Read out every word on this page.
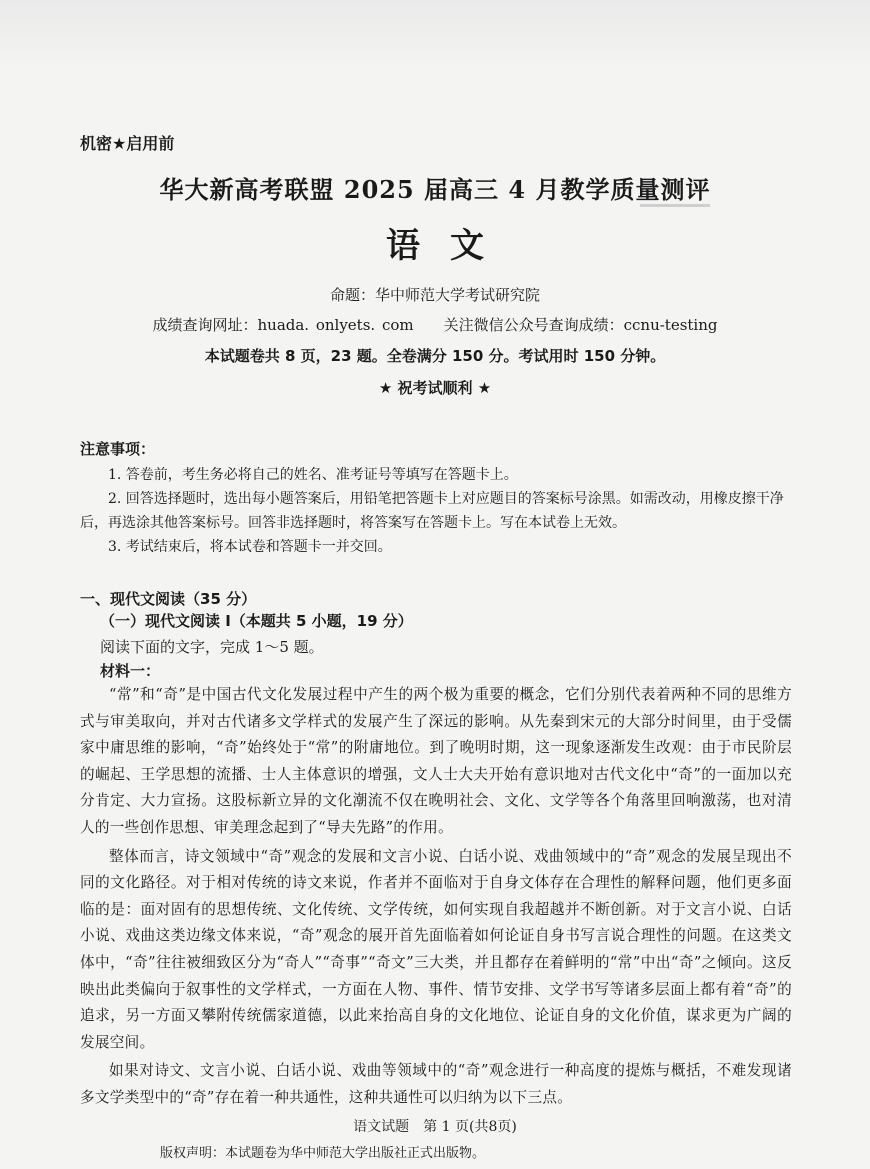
机密★启用前
华大新高考联盟 2025 届高三 4 月教学质量测评
语文
命题：华中师范大学考试研究院
成绩查询网址：huada. onlyets. com 关注微信公众号查询成绩：ccnu-testing
本试题卷共 8 页，23 题。全卷满分 150 分。考试用时 150 分钟。
★ 祝考试顺利 ★
注意事项：

1. 答卷前，考生务必将自己的姓名、准考证号等填写在答题卡上。

2. 回答选择题时，选出每小题答案后，用铅笔把答题卡上对应题目的答案标号涂黑。如需改动，用橡皮擦干净后，再选涂其他答案标号。回答非选择题时，将答案写在答题卡上。写在本试卷上无效。

3. 考试结束后，将本试卷和答题卡一并交回。

一、现代文阅读（35 分）
（一）现代文阅读 I（本题共 5 小题，19 分）
阅读下面的文字，完成 1～5 题。
材料一：

“常”和“奇”是中国古代文化发展过程中产生的两个极为重要的概念，它们分别代表着两种不同的思维方式与审美取向，并对古代诸多文学样式的发展产生了深远的影响。从先秦到宋元的大部分时间里，由于受儒家中庸思维的影响，“奇”始终处于“常”的附庸地位。到了晚明时期，这一现象逐渐发生改观：由于市民阶层的崛起、王学思想的流播、士人主体意识的增强，文人士大夫开始有意识地对古代文化中“奇”的一面加以充分肯定、大力宣扬。这股标新立异的文化潮流不仅在晚明社会、文化、文学等各个角落里回响激荡，也对清人的一些创作思想、审美理念起到了“导夫先路”的作用。

整体而言，诗文领域中“奇”观念的发展和文言小说、白话小说、戏曲领域中的“奇”观念的发展呈现出不同的文化路径。对于相对传统的诗文来说，作者并不面临对于自身文体存在合理性的解释问题，他们更多面临的是：面对固有的思想传统、文化传统、文学传统，如何实现自我超越并不断创新。对于文言小说、白话小说、戏曲这类边缘文体来说，“奇”观念的展开首先面临着如何论证自身书写言说合理性的问题。在这类文体中，“奇”往往被细致区分为“奇人”“奇事”“奇文”三大类，并且都存在着鲜明的“常”中出“奇”之倾向。这反映出此类偏向于叙事性的文学样式，一方面在人物、事件、情节安排、文学书写等诸多层面上都有着“奇”的追求，另一方面又攀附传统儒家道德，以此来抬高自身的文化地位、论证自身的文化价值，谋求更为广阔的发展空间。

如果对诗文、文言小说、白话小说、戏曲等领域中的“奇”观念进行一种高度的提炼与概括，不难发现诸多文学类型中的“奇”存在着一种共通性，这种共通性可以归纳为以下三点。

语文试题　第 1 页(共8页)
版权声明：本试题卷为华中师范大学出版社正式出版物。
